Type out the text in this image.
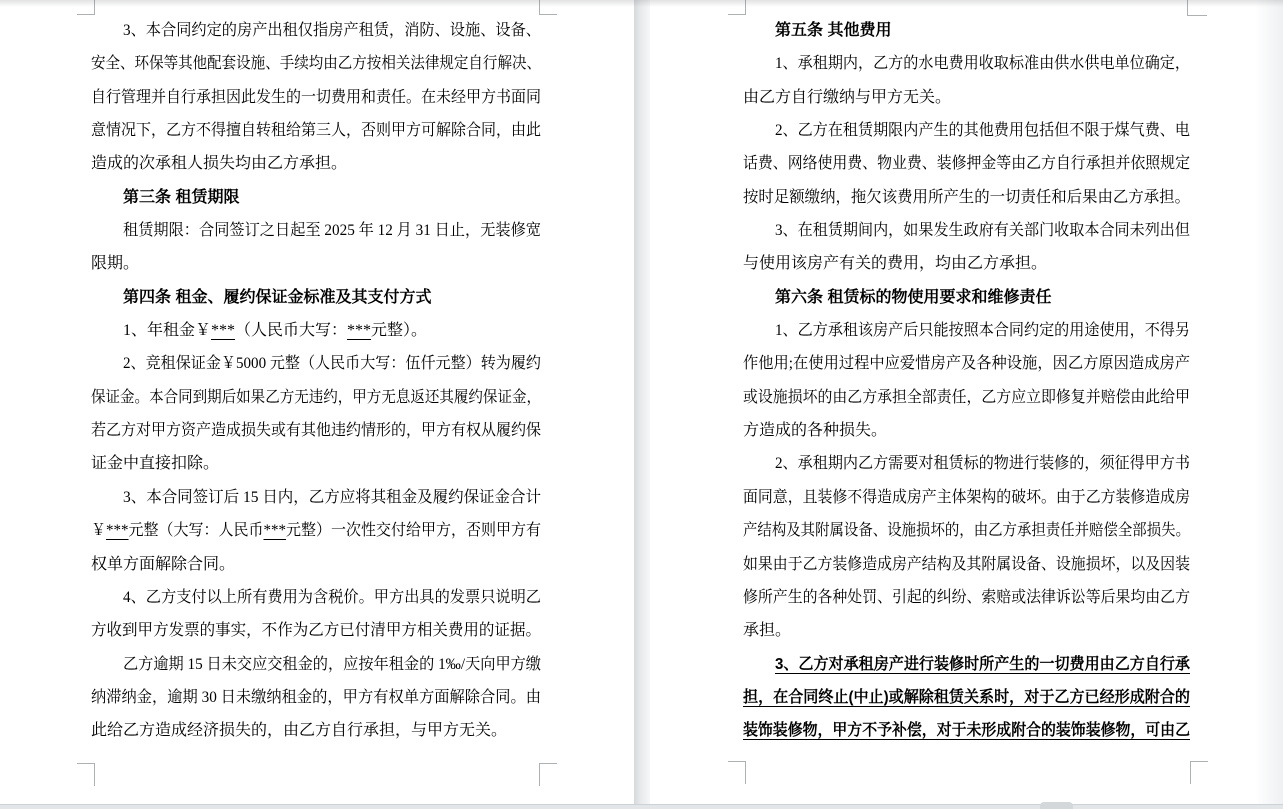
3、本合同约定的房产出租仅指房产租赁，消防、设施、设备、
安全、环保等其他配套设施、手续均由乙方按相关法律规定自行解决、
自行管理并自行承担因此发生的一切费用和责任。在未经甲方书面同
意情况下，乙方不得擅自转租给第三人，否则甲方可解除合同，由此
造成的次承租人损失均由乙方承担。
第三条 租赁期限
租赁期限：合同签订之日起至 2025 年 12 月 31 日止，无装修宽
限期。
第四条 租金、履约保证金标准及其支付方式
1、年租金￥***（人民币大写：***元整）。
2、竞租保证金￥5000 元整（人民币大写：伍仟元整）转为履约
保证金。本合同到期后如果乙方无违约，甲方无息返还其履约保证金，
若乙方对甲方资产造成损失或有其他违约情形的，甲方有权从履约保
证金中直接扣除。
3、本合同签订后 15 日内，乙方应将其租金及履约保证金合计
￥***元整（大写：人民币***元整）一次性交付给甲方，否则甲方有
权单方面解除合同。
4、乙方支付以上所有费用为含税价。甲方出具的发票只说明乙
方收到甲方发票的事实，不作为乙方已付清甲方相关费用的证据。
乙方逾期 15 日未交应交租金的，应按年租金的 1‰/天向甲方缴
纳滞纳金，逾期 30 日未缴纳租金的，甲方有权单方面解除合同。由
此给乙方造成经济损失的，由乙方自行承担，与甲方无关。
第五条 其他费用
1、承租期内，乙方的水电费用收取标准由供水供电单位确定，
由乙方自行缴纳与甲方无关。
2、乙方在租赁期限内产生的其他费用包括但不限于煤气费、电
话费、网络使用费、物业费、装修押金等由乙方自行承担并依照规定
按时足额缴纳，拖欠该费用所产生的一切责任和后果由乙方承担。
3、在租赁期间内，如果发生政府有关部门收取本合同未列出但
与使用该房产有关的费用，均由乙方承担。
第六条 租赁标的物使用要求和维修责任
1、乙方承租该房产后只能按照本合同约定的用途使用，不得另
作他用;在使用过程中应爱惜房产及各种设施，因乙方原因造成房产
或设施损坏的由乙方承担全部责任，乙方应立即修复并赔偿由此给甲
方造成的各种损失。
2、承租期内乙方需要对租赁标的物进行装修的，须征得甲方书
面同意，且装修不得造成房产主体架构的破坏。由于乙方装修造成房
产结构及其附属设备、设施损坏的，由乙方承担责任并赔偿全部损失。
如果由于乙方装修造成房产结构及其附属设备、设施损坏，以及因装
修所产生的各种处罚、引起的纠纷、索赔或法律诉讼等后果均由乙方
承担。
3、乙方对承租房产进行装修时所产生的一切费用由乙方自行承
担，在合同终止(中止)或解除租赁关系时，对于乙方已经形成附合的
装饰装修物，甲方不予补偿，对于未形成附合的装饰装修物，可由乙
